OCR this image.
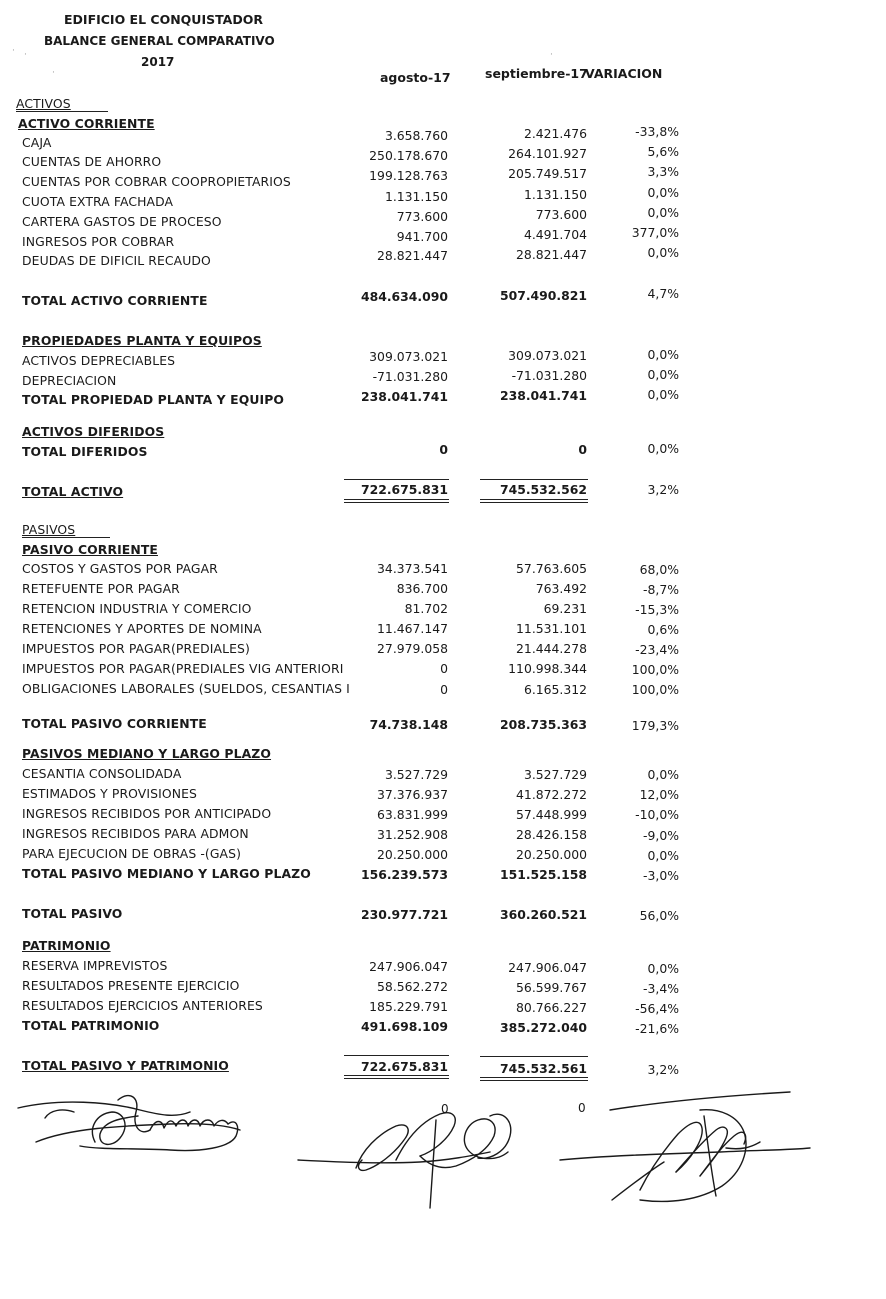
EDIFICIO EL CONQUISTADOR
BALANCE GENERAL COMPARATIVO
2017
agosto-17	septiembre-17
VARIACION
· ·
·
·
ACTIVOS
ACTIVO CORRIENTE
CAJA	3.658.760	2.421.476	-33,8%
CUENTAS DE AHORRO	250.178.670	264.101.927	5,6%
CUENTAS POR COBRAR COOPROPIETARIOS	199.128.763	205.749.517	3,3%
CUOTA EXTRA FACHADA	1.131.150	1.131.150	0,0%
CARTERA GASTOS DE PROCESO	773.600	773.600	0,0%
INGRESOS POR COBRAR	941.700	4.491.704	377,0%
DEUDAS DE DIFICIL RECAUDO	28.821.447	28.821.447	0,0%
TOTAL ACTIVO CORRIENTE	484.634.090	507.490.821	4,7%
PROPIEDADES PLANTA Y EQUIPOS
ACTIVOS DEPRECIABLES	309.073.021	309.073.021	0,0%
DEPRECIACION	-71.031.280	-71.031.280	0,0%
TOTAL PROPIEDAD PLANTA Y EQUIPO	238.041.741	238.041.741	0,0%
ACTIVOS DIFERIDOS
TOTAL DIFERIDOS	0	0	0,0%
TOTAL ACTIVO	722.675.831	745.532.562	3,2%
PASIVOS
PASIVO CORRIENTE
COSTOS Y GASTOS POR PAGAR	34.373.541	57.763.605	68,0%
RETEFUENTE POR PAGAR	836.700	763.492	-8,7%
RETENCION INDUSTRIA Y COMERCIO	81.702	69.231	-15,3%
RETENCIONES Y APORTES DE NOMINA	11.467.147	11.531.101	0,6%
IMPUESTOS POR PAGAR(PREDIALES)	27.979.058	21.444.278	-23,4%
IMPUESTOS POR PAGAR(PREDIALES VIG ANTERIORI	0	110.998.344	100,0%
OBLIGACIONES LABORALES (SUELDOS, CESANTIAS I	0	6.165.312	100,0%
TOTAL PASIVO CORRIENTE	74.738.148	208.735.363	179,3%
PASIVOS MEDIANO Y LARGO PLAZO
CESANTIA CONSOLIDADA	3.527.729	3.527.729	0,0%
ESTIMADOS Y PROVISIONES	37.376.937	41.872.272	12,0%
INGRESOS RECIBIDOS POR ANTICIPADO	63.831.999	57.448.999	-10,0%
INGRESOS RECIBIDOS PARA ADMON	31.252.908	28.426.158	-9,0%
PARA EJECUCION DE OBRAS -(GAS)	20.250.000	20.250.000	0,0%
TOTAL PASIVO MEDIANO Y LARGO PLAZO	156.239.573	151.525.158	-3,0%
TOTAL PASIVO	230.977.721	360.260.521	56,0%
PATRIMONIO
RESERVA IMPREVISTOS	247.906.047	247.906.047	0,0%
RESULTADOS PRESENTE EJERCICIO	58.562.272	56.599.767	-3,4%
RESULTADOS EJERCICIOS ANTERIORES	185.229.791	80.766.227	-56,4%
TOTAL PATRIMONIO	491.698.109	385.272.040	-21,6%
TOTAL PASIVO Y PATRIMONIO	722.675.831	745.532.561	3,2%
0	0
